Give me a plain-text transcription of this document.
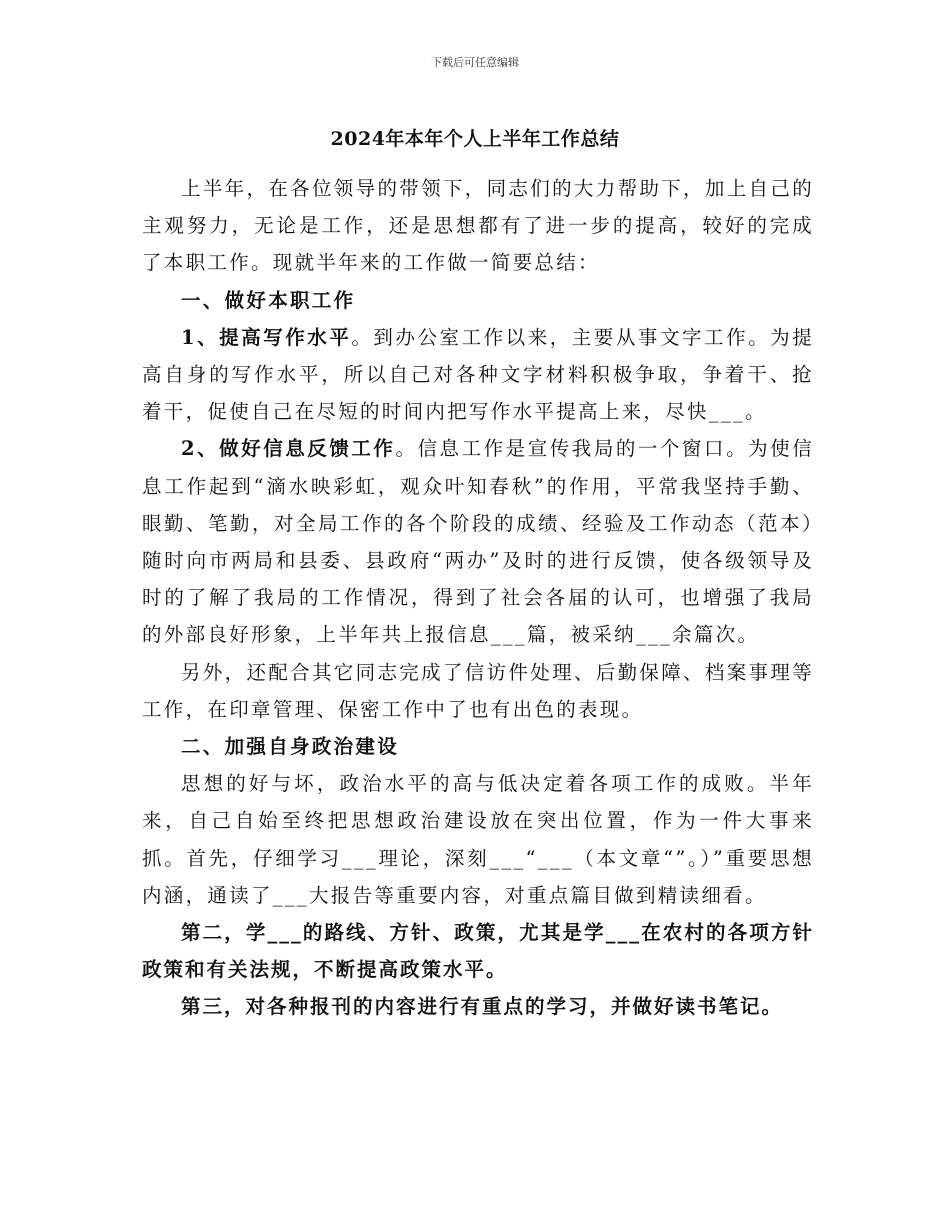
下载后可任意编辑
2024年本年个人上半年工作总结

上半年，在各位领导的带领下，同志们的大力帮助下，加上自己的主观努力，无论是工作，还是思想都有了进一步的提高，较好的完成了本职工作。现就半年来的工作做一简要总结：

一、做好本职工作

1、提高写作水平。到办公室工作以来，主要从事文字工作。为提高自身的写作水平，所以自己对各种文字材料积极争取，争着干、抢着干，促使自己在尽短的时间内把写作水平提高上来，尽快___。

2、做好信息反馈工作。信息工作是宣传我局的一个窗口。为使信息工作起到“滴水映彩虹，观众叶知春秋”的作用，平常我坚持手勤、眼勤、笔勤，对全局工作的各个阶段的成绩、经验及工作动态（范本）随时向市两局和县委、县政府“两办”及时的进行反馈，使各级领导及时的了解了我局的工作情况，得到了社会各届的认可，也增强了我局的外部良好形象，上半年共上报信息___篇，被采纳___余篇次。

另外，还配合其它同志完成了信访件处理、后勤保障、档案事理等工作，在印章管理、保密工作中了也有出色的表现。

二、加强自身政治建设

思想的好与坏，政治水平的高与低决定着各项工作的成败。半年来，自己自始至终把思想政治建设放在突出位置，作为一件大事来抓。首先，仔细学习___理论，深刻___“___（本文章“”。）”重要思想内涵，通读了___大报告等重要内容，对重点篇目做到精读细看。

第二，学___的路线、方针、政策，尤其是学___在农村的各项方针政策和有关法规，不断提高政策水平。

第三，对各种报刊的内容进行有重点的学习，并做好读书笔记。
